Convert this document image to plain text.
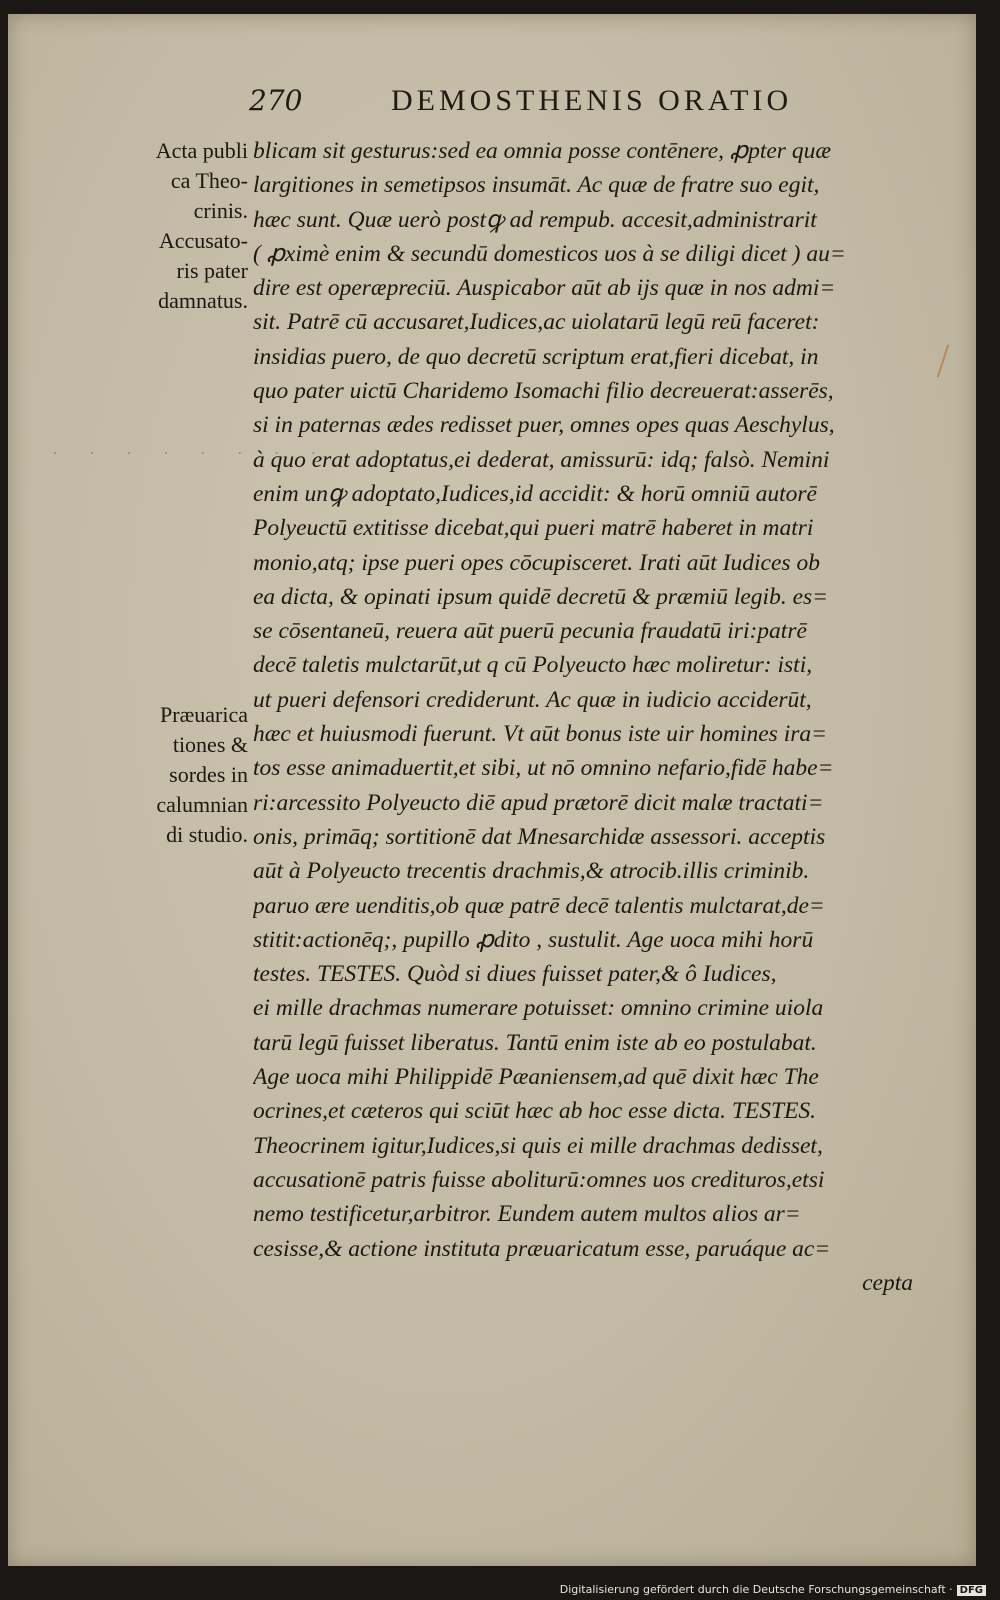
270	DEMOSTHENIS ORATIO
· · · · · · · ·
Acta publi
ca Theo-
crinis.
Accusato-
ris pater
damnatus.
Præuarica
tiones &
sordes in
calumnian
di studio.
blicam sit gesturus:sed ea omnia posse contēnere, ꝓpter quæ
largitiones in semetipsos insumāt. Ac quæ de fratre suo egit,
hæc sunt. Quæ uerò postꝙ ad rempub. accesit,administrarit
( ꝓximè enim & secundū domesticos uos à se diligi dicet ) au=
dire est operæpreciū. Auspicabor aūt ab ijs quæ in nos admi=
sit. Patrē cū accusaret,Iudices,ac uiolatarū legū reū faceret:
insidias puero, de quo decretū scriptum erat,fieri dicebat, in
quo pater uictū Charidemo Isomachi filio decreuerat:asserēs,
si in paternas ædes redisset puer, omnes opes quas Aeschylus,
à quo erat adoptatus,ei dederat, amissurū: idq; falsò. Nemini
enim unꝙ adoptato,Iudices,id accidit: & horū omniū autorē
Polyeuctū extitisse dicebat,qui pueri matrē haberet in matri
monio,atq; ipse pueri opes cōcupisceret. Irati aūt Iudices ob
ea dicta, & opinati ipsum quidē decretū & præmiū legib. es=
se cōsentaneū, reuera aūt puerū pecunia fraudatū iri:patrē
decē taletis mulctarūt,ut q cū Polyeucto hæc moliretur: isti,
ut pueri defensori crediderunt. Ac quæ in iudicio acciderūt,
hæc et huiusmodi fuerunt. Vt aūt bonus iste uir homines ira=
tos esse animaduertit,et sibi, ut nō omnino nefario,fidē habe=
ri:arcessito Polyeucto diē apud prætorē dicit malæ tractati=
onis, primāq; sortitionē dat Mnesarchidæ assessori. acceptis
aūt à Polyeucto trecentis drachmis,& atrocib.illis criminib.
paruo ære uenditis,ob quæ patrē decē talentis mulctarat,de=
stitit:actionēq;, pupillo ꝓdito , sustulit. Age uoca mihi horū
testes. TESTES. Quòd si diues fuisset pater,& ô Iudices,
ei mille drachmas numerare potuisset: omnino crimine uiola
tarū legū fuisset liberatus. Tantū enim iste ab eo postulabat.
Age uoca mihi Philippidē Pæaniensem,ad quē dixit hæc The
ocrines,et cæteros qui sciūt hæc ab hoc esse dicta. TESTES.
Theocrinem igitur,Iudices,si quis ei mille drachmas dedisset,
accusationē patris fuisse aboliturū:omnes uos credituros,etsi
nemo testificetur,arbitror. Eundem autem multos alios ar=
cesisse,& actione instituta præuaricatum esse, paruáque ac=
cepta
Digitalisierung gefördert durch die Deutsche Forschungsgemeinschaft · DFG
